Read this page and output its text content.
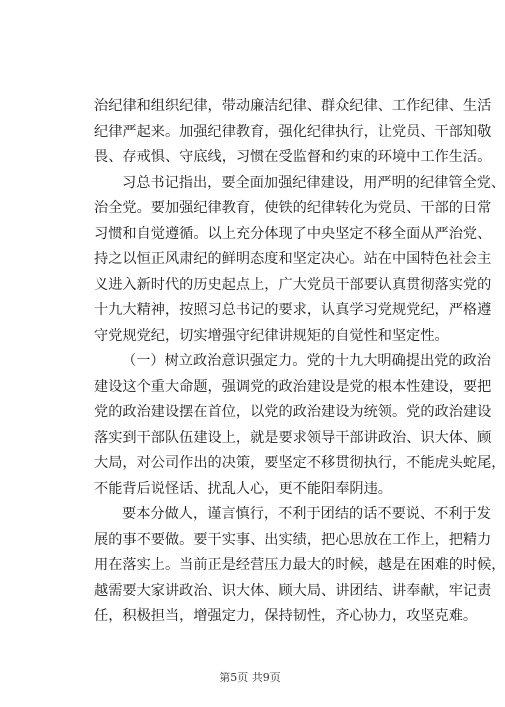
治纪律和组织纪律，带动廉洁纪律、群众纪律、工作纪律、生活
纪律严起来。加强纪律教育，强化纪律执行，让党员、干部知敬
畏、存戒惧、守底线，习惯在受监督和约束的环境中工作生活。
习总书记指出，要全面加强纪律建设，用严明的纪律管全党、
治全党。要加强纪律教育，使铁的纪律转化为党员、干部的日常
习惯和自觉遵循。以上充分体现了中央坚定不移全面从严治党、
持之以恒正风肃纪的鲜明态度和坚定决心。站在中国特色社会主
义进入新时代的历史起点上，广大党员干部要认真贯彻落实党的
十九大精神，按照习总书记的要求，认真学习党规党纪，严格遵
守党规党纪，切实增强守纪律讲规矩的自觉性和坚定性。
（一）树立政治意识强定力。党的十九大明确提出党的政治
建设这个重大命题，强调党的政治建设是党的根本性建设，要把
党的政治建设摆在首位，以党的政治建设为统领。党的政治建设
落实到干部队伍建设上，就是要求领导干部讲政治、识大体、顾
大局，对公司作出的决策，要坚定不移贯彻执行，不能虎头蛇尾，
不能背后说怪话、扰乱人心，更不能阳奉阴违。
要本分做人，谨言慎行，不利于团结的话不要说、不利于发
展的事不要做。要干实事、出实绩，把心思放在工作上，把精力
用在落实上。当前正是经营压力最大的时候，越是在困难的时候，
越需要大家讲政治、识大体、顾大局、讲团结、讲奉献，牢记责
任，积极担当，增强定力，保持韧性，齐心协力，攻坚克难。
第5页 共9页
